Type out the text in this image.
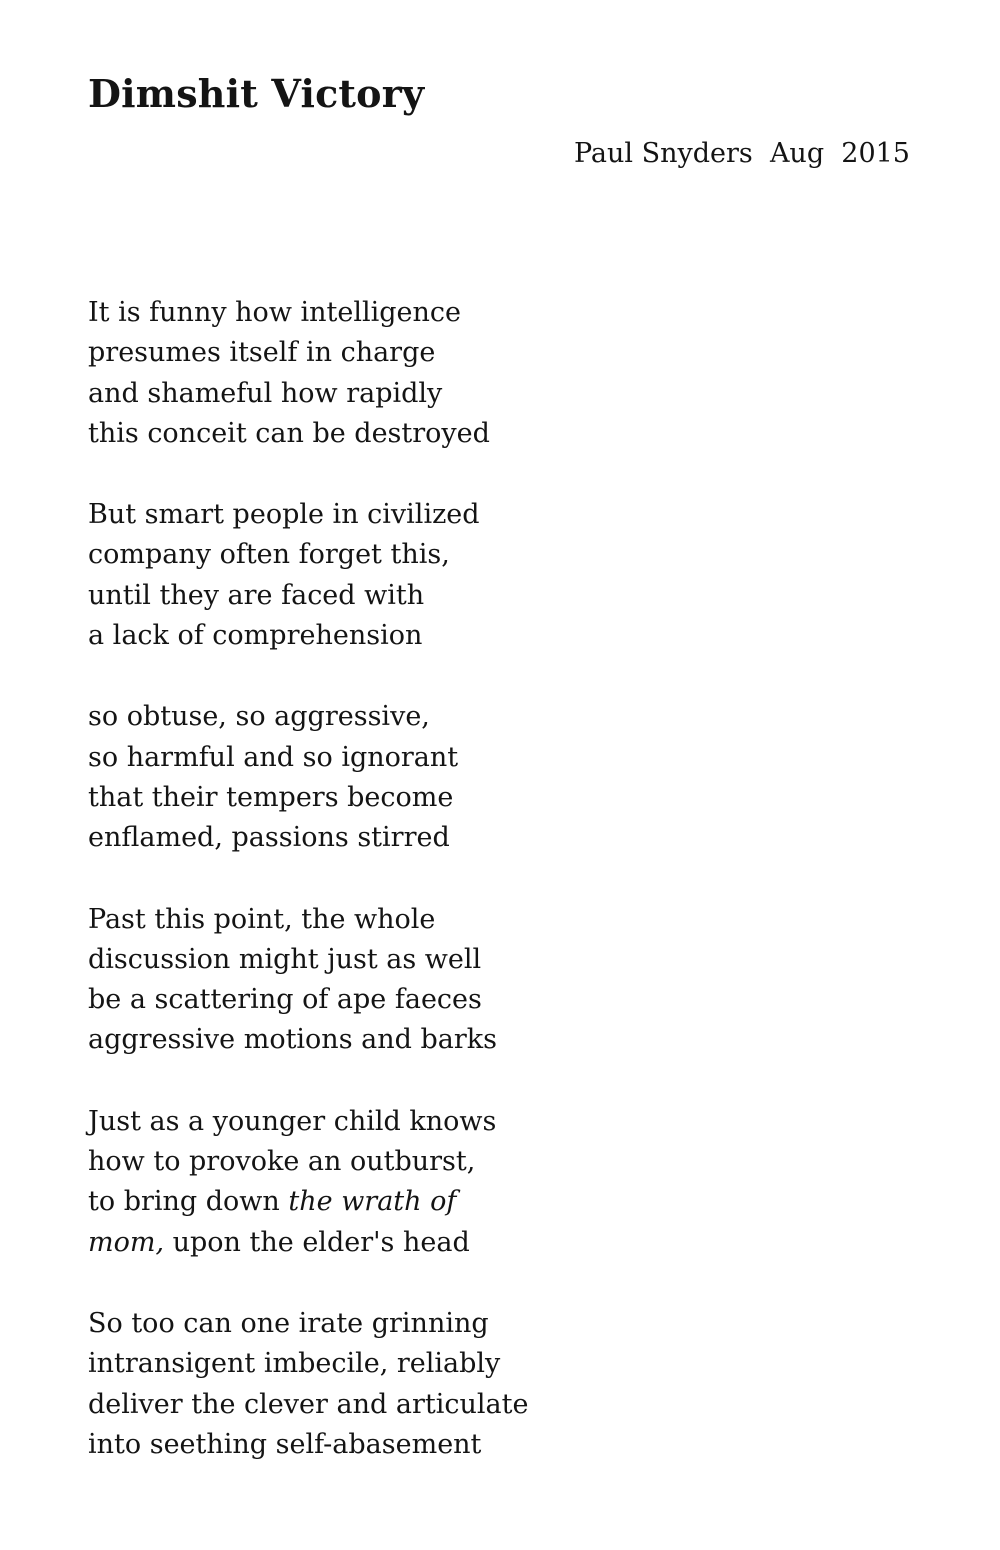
Dimshit Victory
Paul Snyders Aug  2015
It is funny how intelligence
presumes itself in charge
and shameful how rapidly
this conceit can be destroyed
But smart people in civilized
company often forget this,
until they are faced with
a lack of comprehension
so obtuse, so aggressive,
so harmful and so ignorant
that their tempers become
enflamed, passions stirred
Past this point, the whole
discussion might just as well
be a scattering of ape faeces
aggressive motions and barks
Just as a younger child knows
how to provoke an outburst,
to bring down the wrath of
mom, upon the elder's head
So too can one irate grinning
intransigent imbecile, reliably
deliver the clever and articulate
into seething self-abasement
